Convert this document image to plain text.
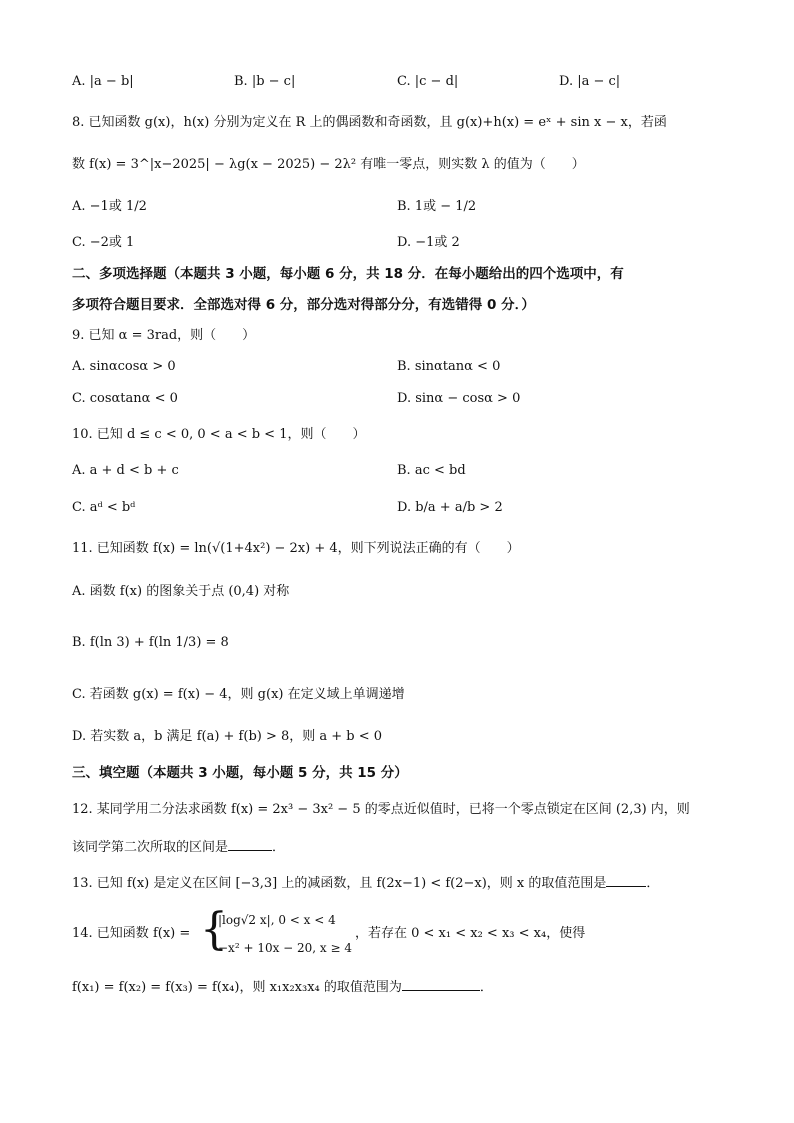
A. |a − b|	B. |b − c|	C. |c − d|	D. |a − c|
8. 已知函数 g(x)，h(x) 分别为定义在 R 上的偶函数和奇函数，且 g(x)+h(x) = eˣ + sin x − x，若函
数 f(x) = 3^|x−2025| − λg(x − 2025) − 2λ² 有唯一零点，则实数 λ 的值为（　　）
A. −1或 1/2	B. 1或 − 1/2
C. −2或 1	D. −1或 2
二、多项选择题（本题共 3 小题，每小题 6 分，共 18 分．在每小题给出的四个选项中，有
多项符合题目要求．全部选对得 6 分，部分选对得部分分，有选错得 0 分．）
9. 已知 α = 3rad，则（　　）
A. sinαcosα > 0	B. sinαtanα < 0
C. cosαtanα < 0	D. sinα − cosα > 0
10. 已知 d ≤ c < 0, 0 < a < b < 1，则（　　）
A. a + d < b + c	B. ac < bd
C. aᵈ < bᵈ	D. b/a + a/b > 2
11. 已知函数 f(x) = ln(√(1+4x²) − 2x) + 4，则下列说法正确的有（　　）
A. 函数 f(x) 的图象关于点 (0,4) 对称
B. f(ln 3) + f(ln 1/3) = 8
C. 若函数 g(x) = f(x) − 4，则 g(x) 在定义域上单调递增
D. 若实数 a，b 满足 f(a) + f(b) > 8，则 a + b < 0
三、填空题（本题共 3 小题，每小题 5 分，共 15 分）
12. 某同学用二分法求函数 f(x) = 2x³ − 3x² − 5 的零点近似值时，已将一个零点锁定在区间 (2,3) 内，则
该同学第二次所取的区间是	．
13. 已知 f(x) 是定义在区间 [−3,3] 上的减函数，且 f(2x−1) < f(2−x)，则 x 的取值范围是	．
14. 已知函数 f(x) = {
|log√2 x|, 0 < x < 4
−x² + 10x − 20, x ≥ 4
，若存在 0 < x₁ < x₂ < x₃ < x₄，使得
f(x₁) = f(x₂) = f(x₃) = f(x₄)，则 x₁x₂x₃x₄ 的取值范围为	．
